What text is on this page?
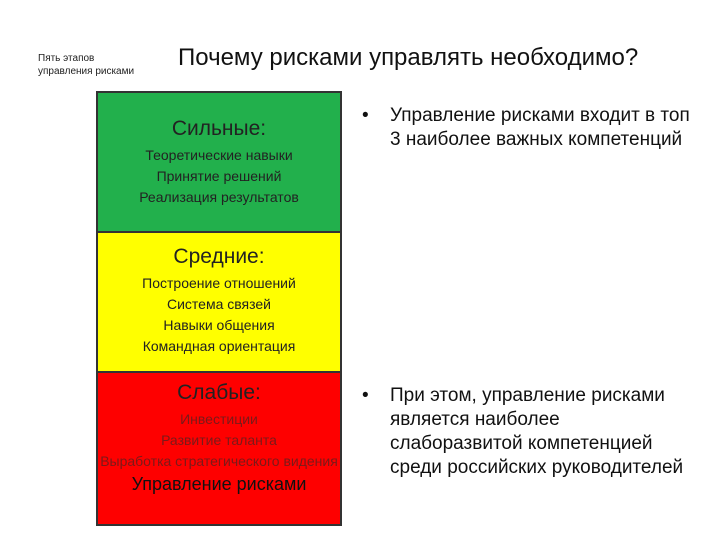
Пять этапов
управления рисками
Почему рисками управлять необходимо?
Сильные:
Теоретические навыки
Принятие решений
Реализация результатов
Средние:
Построение отношений
Система связей
Навыки общения
Командная ориентация
Слабые:
Инвестиции
Развитие таланта
Выработка стратегического видения
Управление рисками
• Управление рисками входит в топ 3 наиболее важных компетенций
• При этом, управление рисками является наиболее слаборазвитой компетенцией среди российских руководителей
